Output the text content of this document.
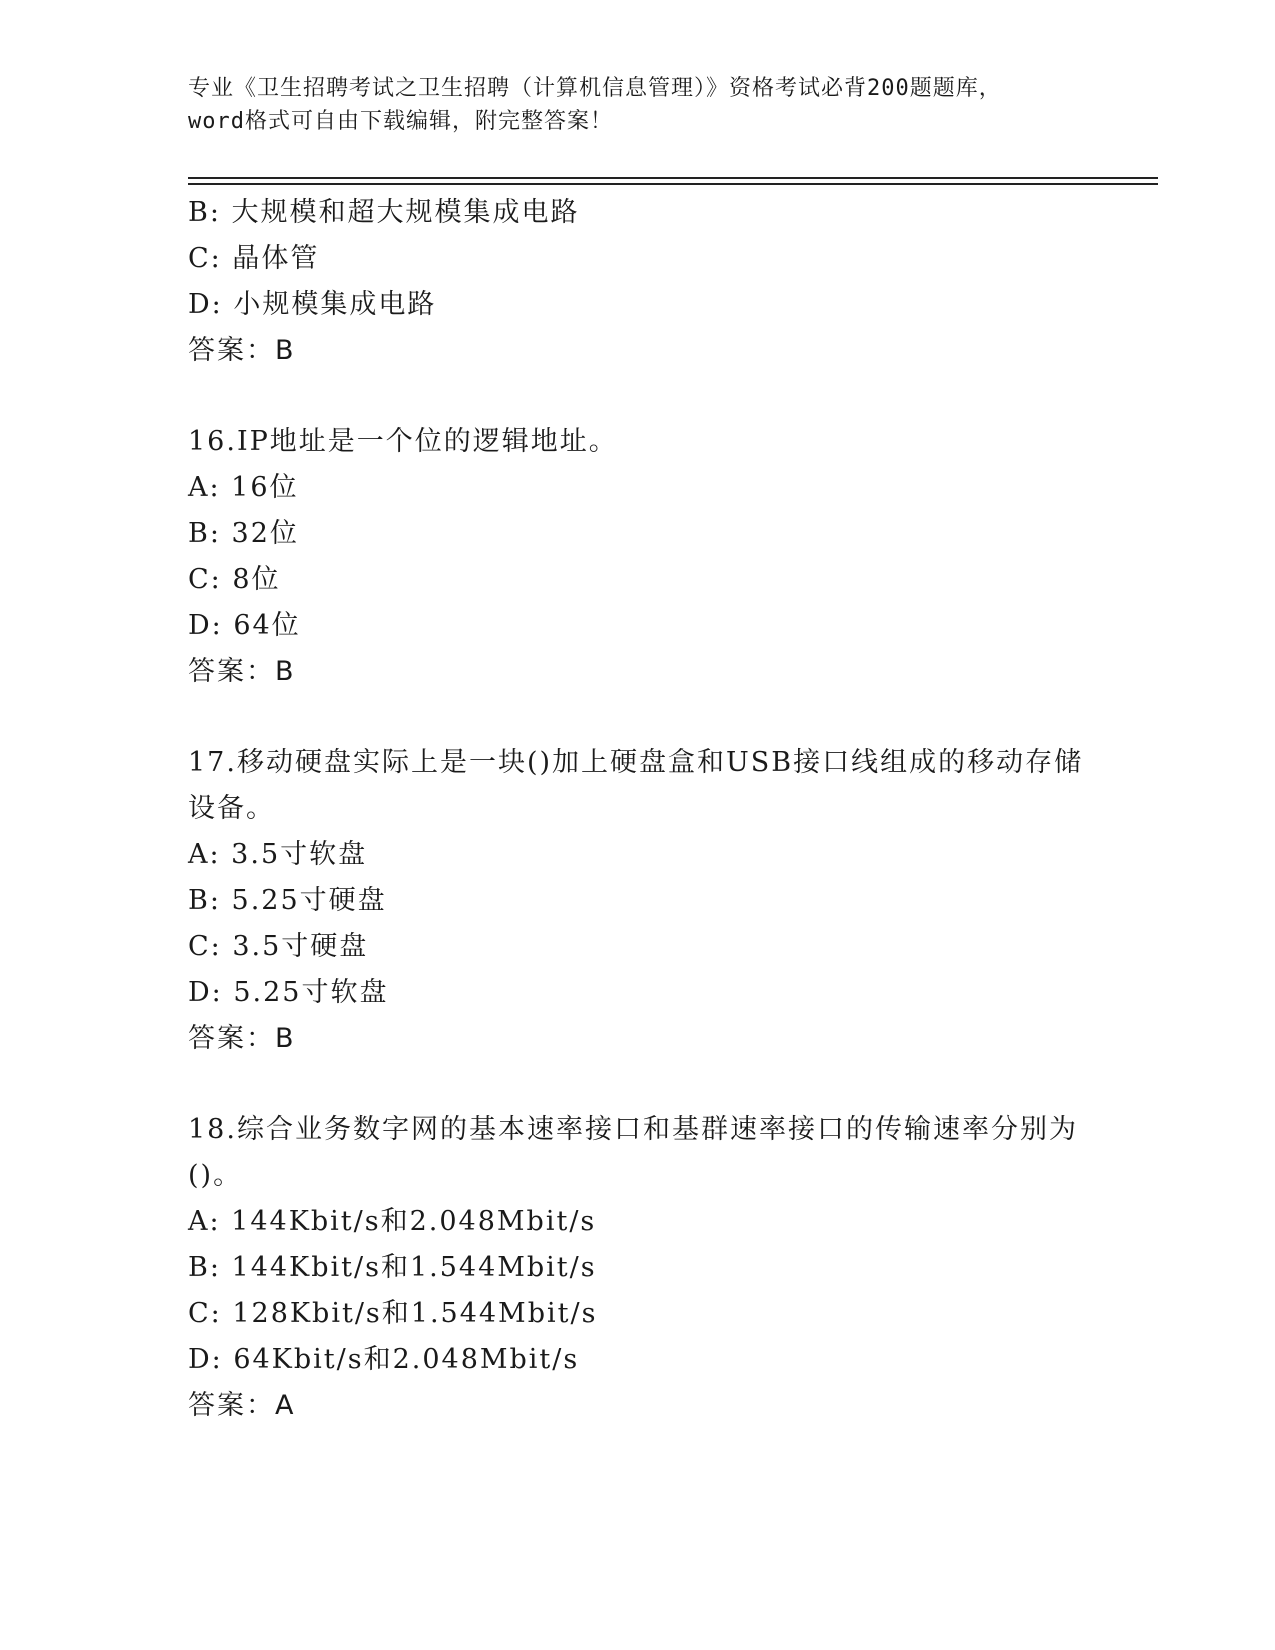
专业《卫生招聘考试之卫生招聘（计算机信息管理）》资格考试必背200题题库，
word格式可自由下载编辑，附完整答案！
B: 大规模和超大规模集成电路
C: 晶体管
D: 小规模集成电路
答案：B
16.IP地址是一个位的逻辑地址。
A: 16位
B: 32位
C: 8位
D: 64位
答案：B
17.移动硬盘实际上是一块()加上硬盘盒和USB接口线组成的移动存储
设备。
A: 3.5寸软盘
B: 5.25寸硬盘
C: 3.5寸硬盘
D: 5.25寸软盘
答案：B
18.综合业务数字网的基本速率接口和基群速率接口的传输速率分别为
()。
A: 144Kbit/s和2.048Mbit/s
B: 144Kbit/s和1.544Mbit/s
C: 128Kbit/s和1.544Mbit/s
D: 64Kbit/s和2.048Mbit/s
答案：A
